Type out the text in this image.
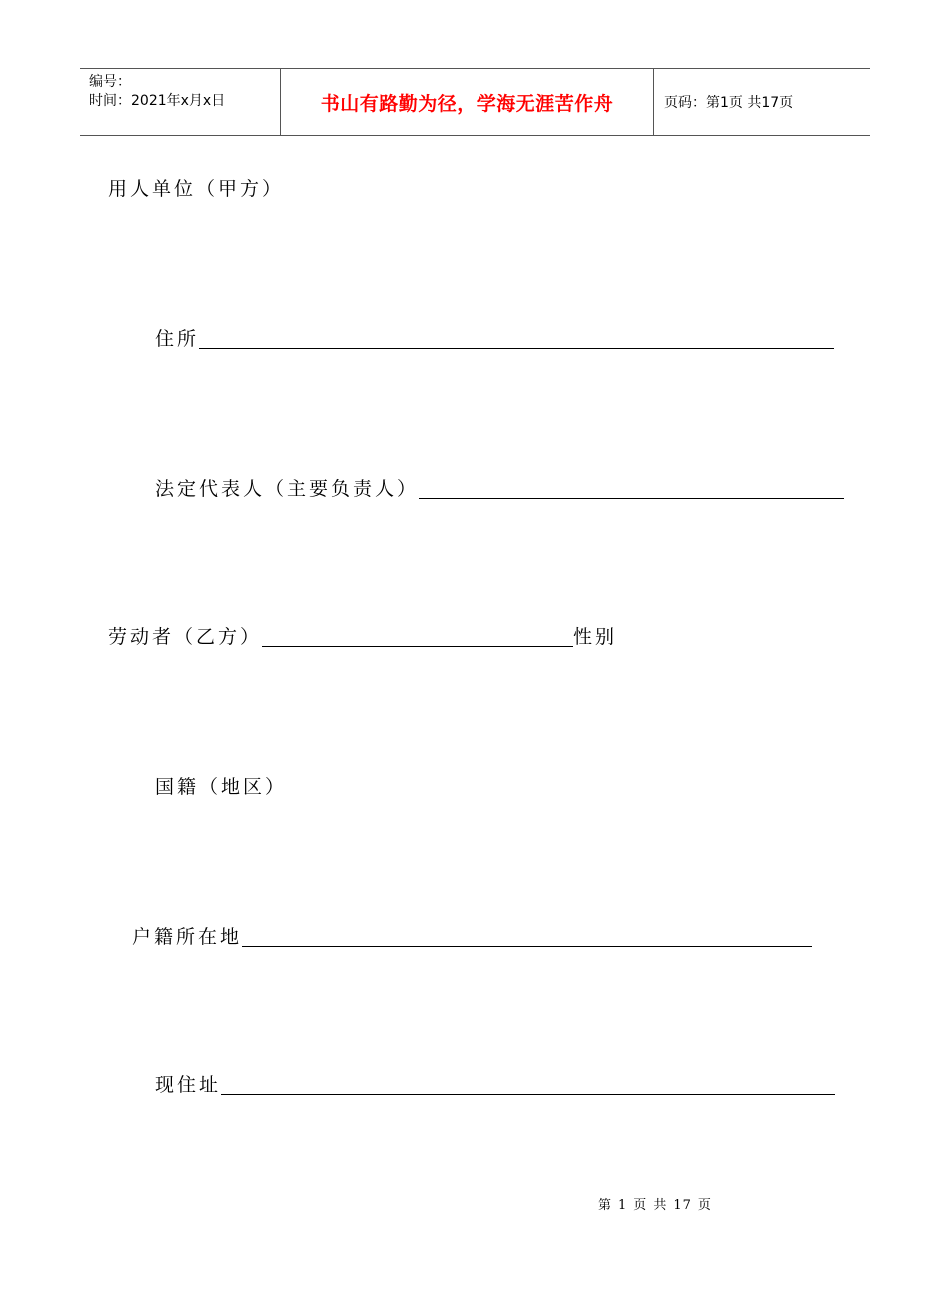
编号：
时间：2021年x月x日	书山有路勤为径，学海无涯苦作舟	页码：第1页 共17页
用人单位（甲方）
住所
法定代表人（主要负责人）
劳动者（乙方）	性别
国籍（地区）
户籍所在地
现住址
第 1 页 共 17 页
